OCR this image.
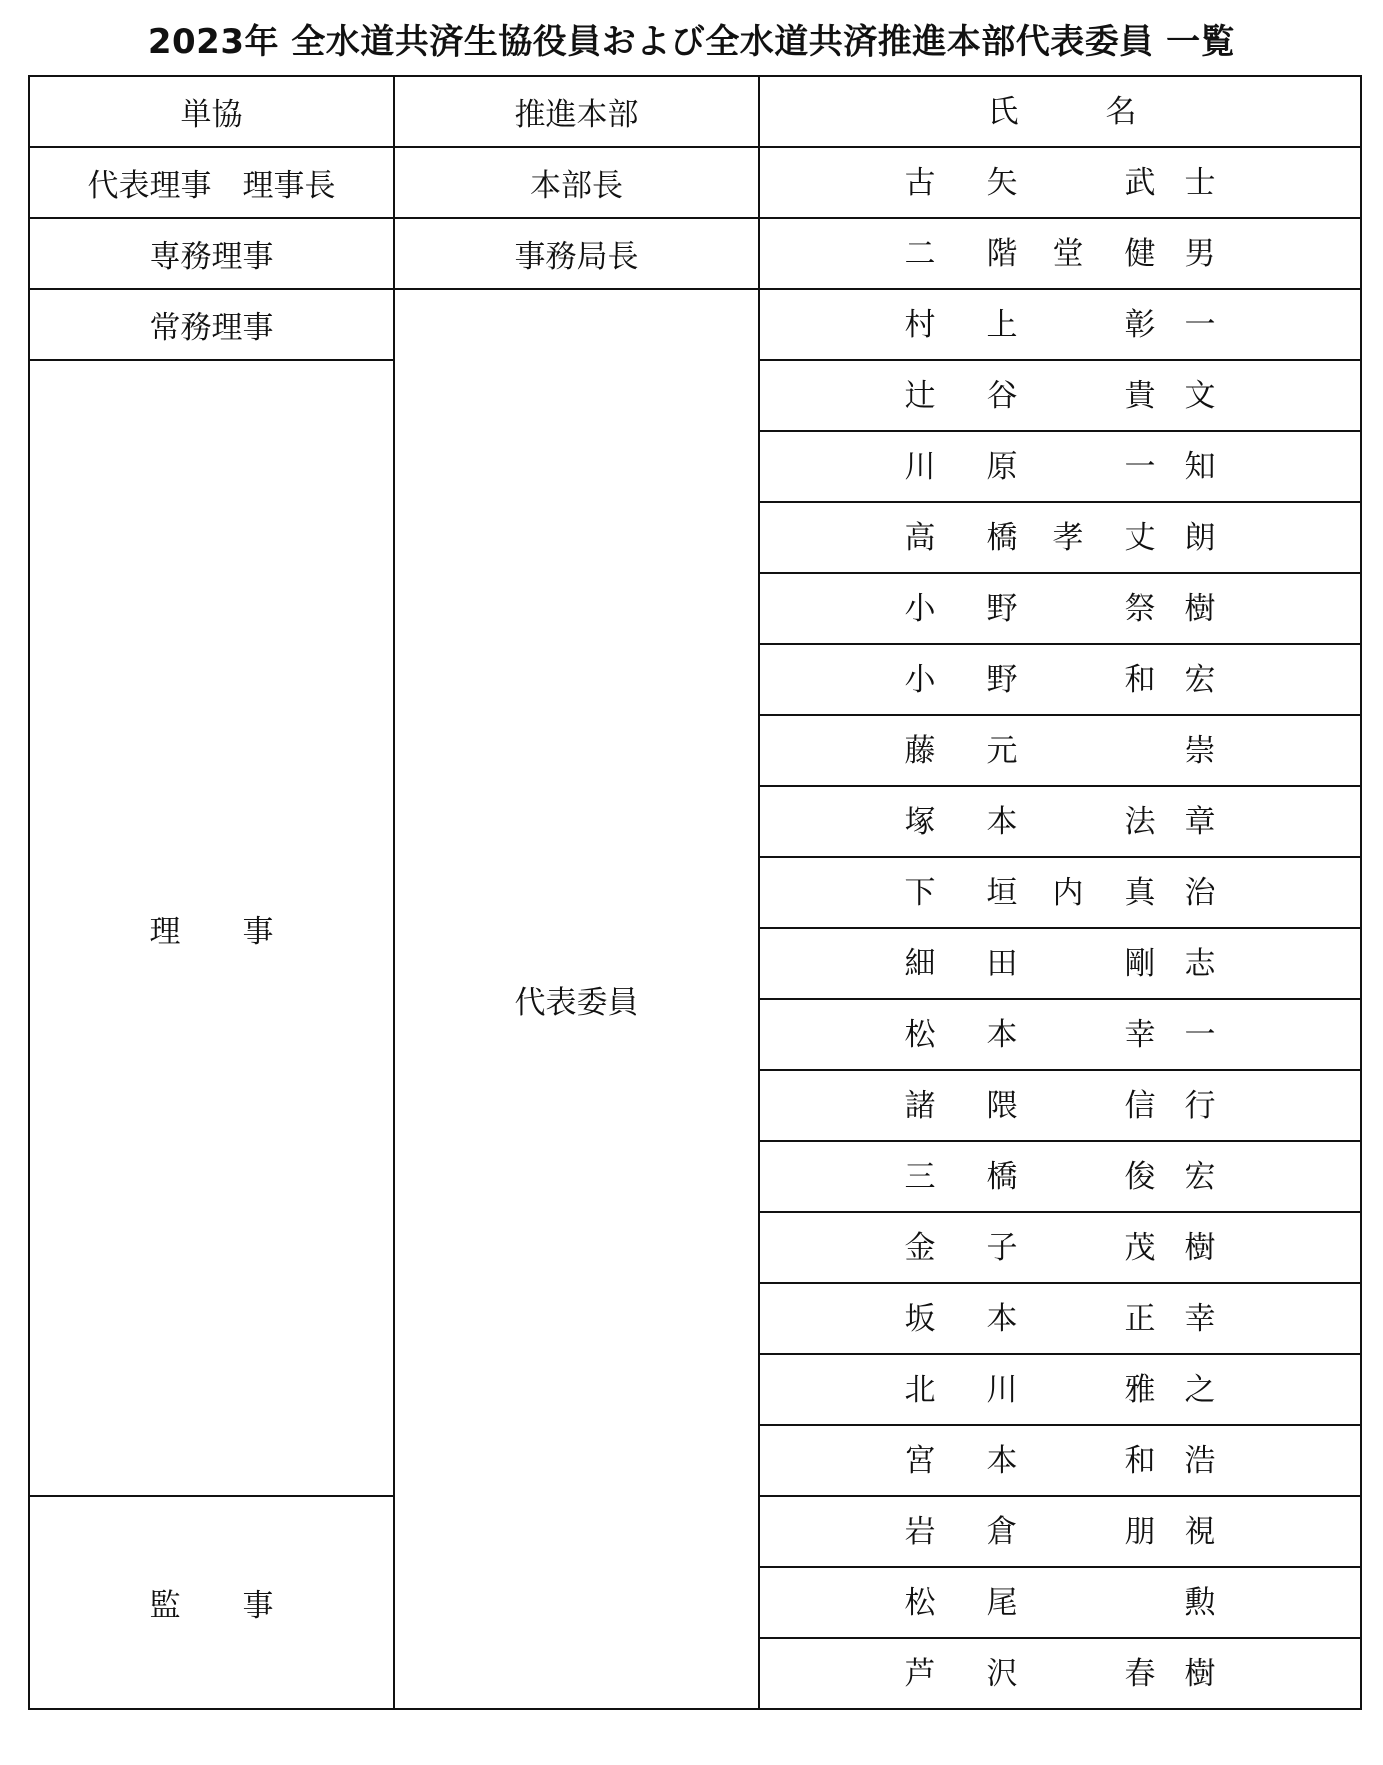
2023年 全水道共済生協役員および全水道共済推進本部代表委員 一覧
単協	推進本部	氏 名

代表理事　理事長	本部長	古 矢 武 士

専務理事	事務局長	二 階 堂 健 男

常務理事	代表委員	村 上 彰 一

理　　事		辻 谷 貴 文

		川 原 一 知

		高 橋 孝 丈 朗

		小 野 祭 樹

		小 野 和 宏

		藤 元 崇

		塚 本 法 章

		下 垣 内 真 治

		細 田 剛 志

		松 本 幸 一

		諸 隈 信 行

		三 橋 俊 宏

		金 子 茂 樹

		坂 本 正 幸

		北 川 雅 之

		宮 本 和 浩

監　　事		岩 倉 朋 視

		松 尾 勲

		芦 沢 春 樹
